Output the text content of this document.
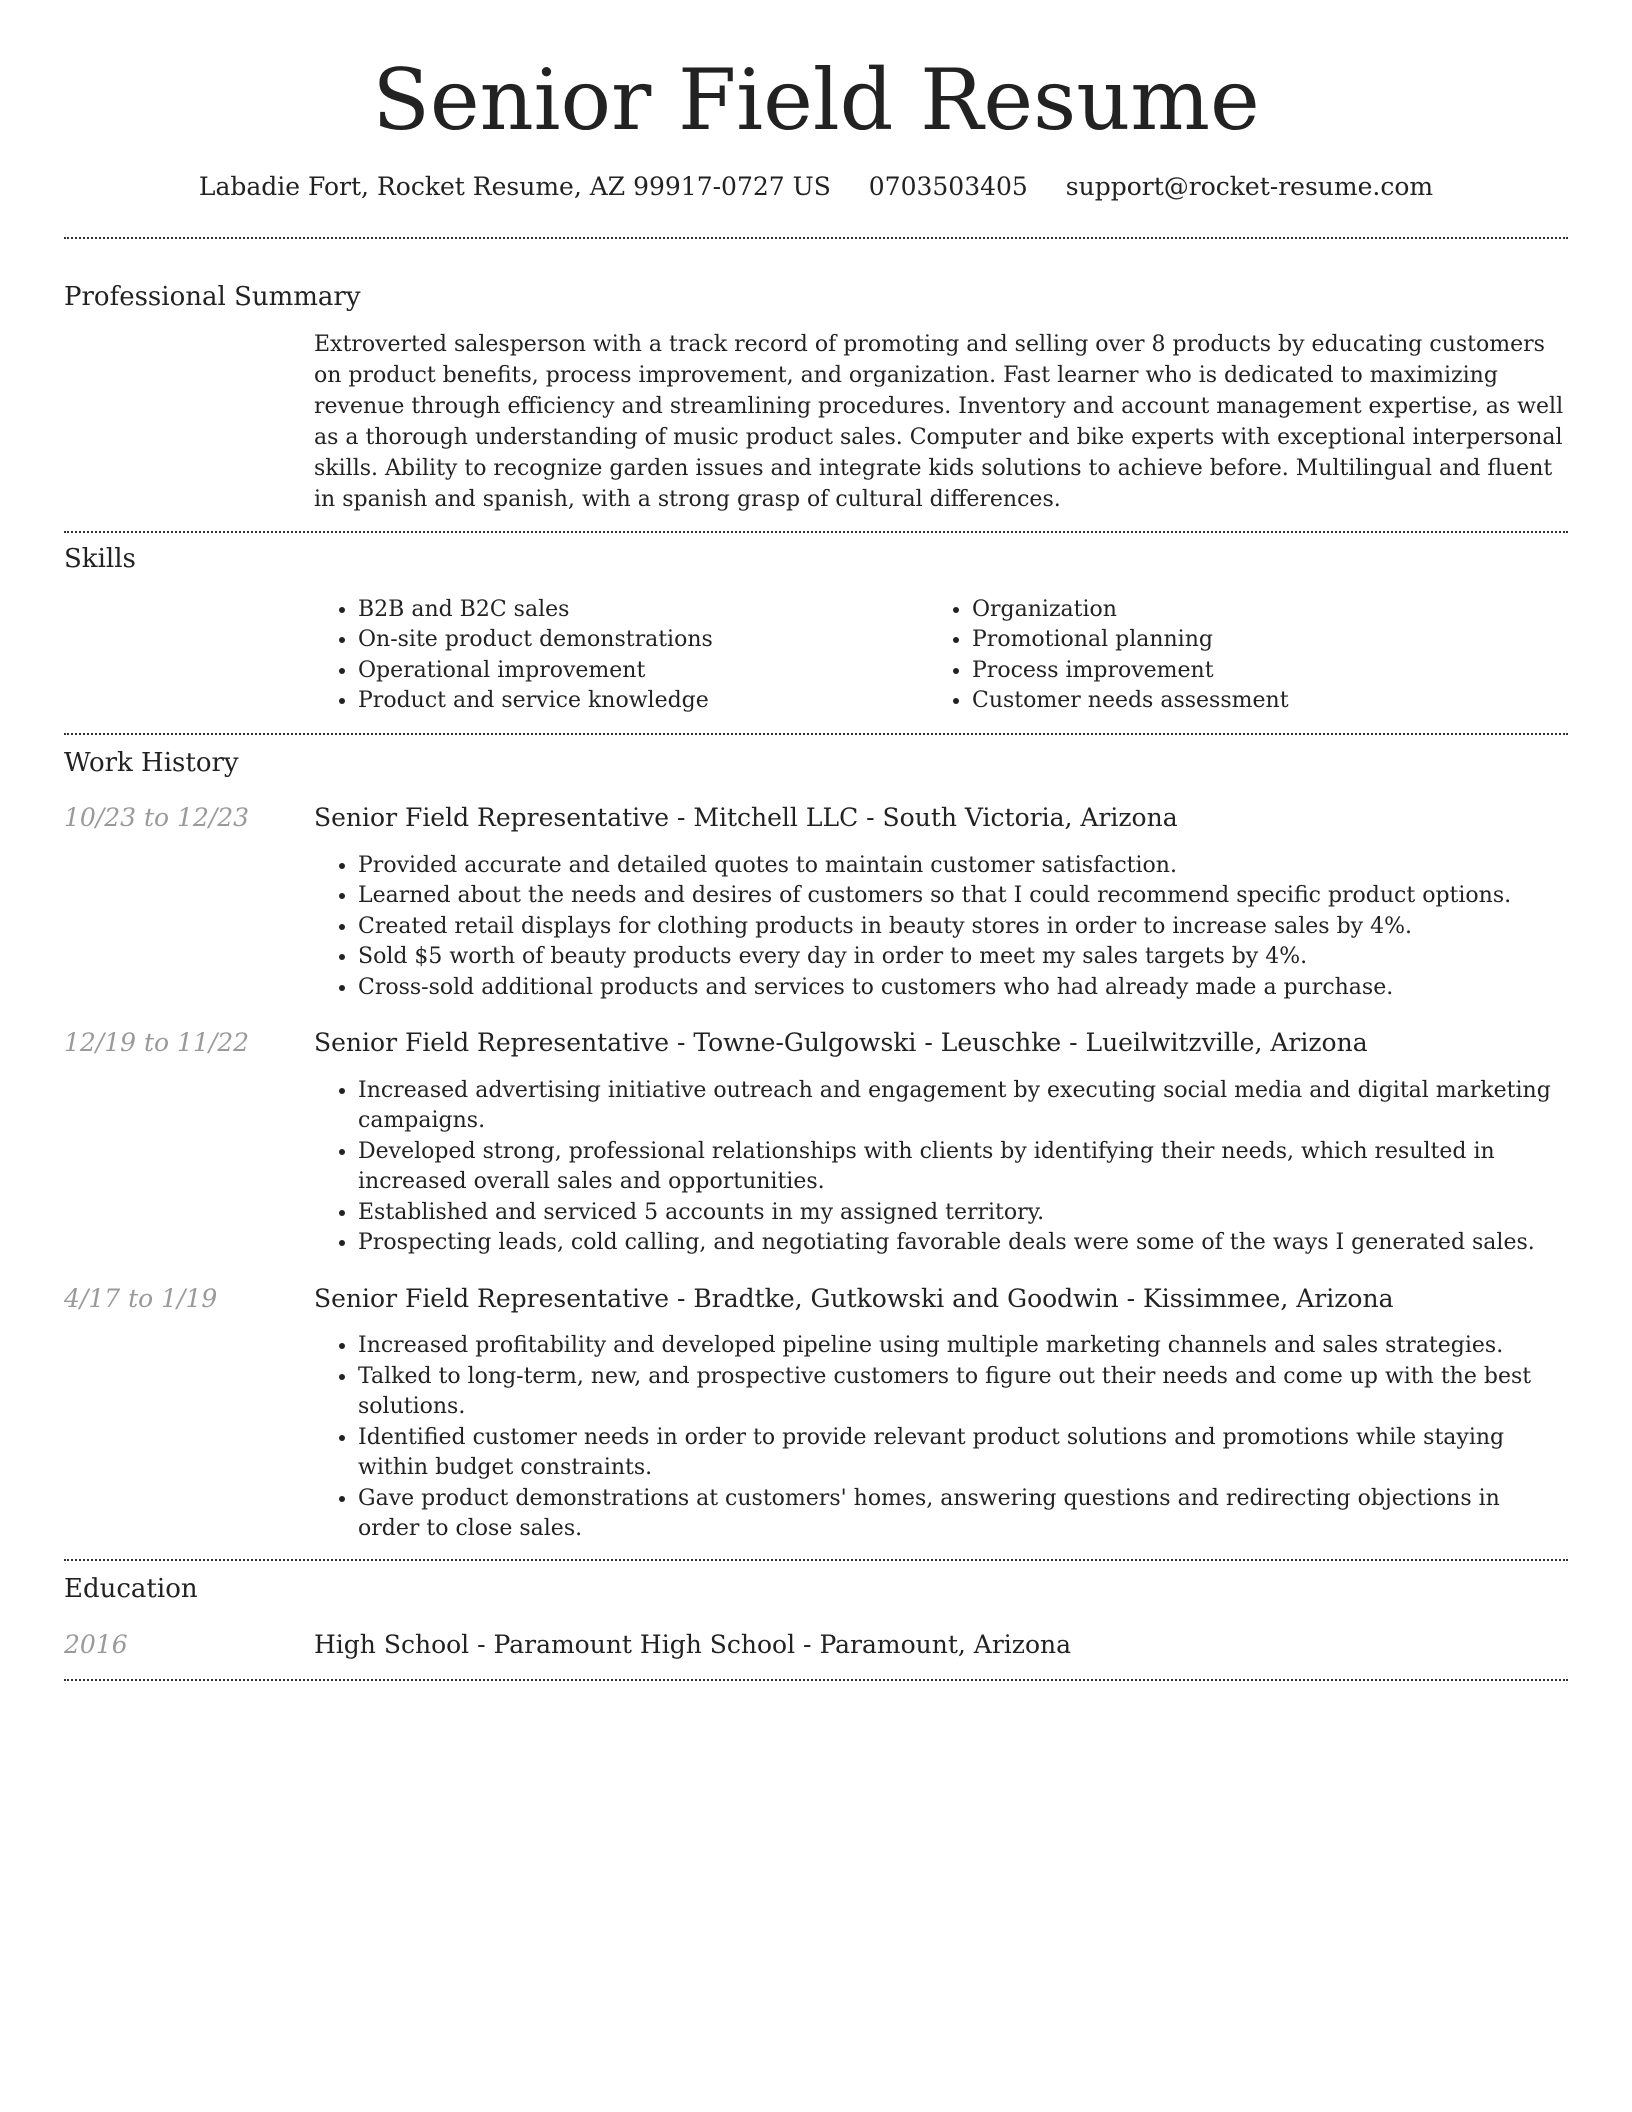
Senior Field Resume
Labadie Fort, Rocket Resume, AZ 99917-0727 US 0703503405 support@rocket-resume.com
Professional Summary

Extroverted salesperson with a track record of promoting and selling over 8 products by educating customers on product benefits, process improvement, and organization. Fast learner who is dedicated to maximizing revenue through efficiency and streamlining procedures. Inventory and account management expertise, as well as a thorough understanding of music product sales. Computer and bike experts with exceptional interpersonal skills. Ability to recognize garden issues and integrate kids solutions to achieve before. Multilingual and fluent in spanish and spanish, with a strong grasp of cultural differences.

Skills
• B2B and B2C sales
• On-site product demonstrations
• Operational improvement
• Product and service knowledge
• Organization
• Promotional planning
• Process improvement
• Customer needs assessment
Work History
10/23 to 12/23	Senior Field Representative - Mitchell LLC - South Victoria, Arizona
• Provided accurate and detailed quotes to maintain customer satisfaction.
• Learned about the needs and desires of customers so that I could recommend specific product options.
• Created retail displays for clothing products in beauty stores in order to increase sales by 4%.
• Sold $5 worth of beauty products every day in order to meet my sales targets by 4%.
• Cross-sold additional products and services to customers who had already made a purchase.
12/19 to 11/22	Senior Field Representative - Towne-Gulgowski - Leuschke - Lueilwitzville, Arizona
• Increased advertising initiative outreach and engagement by executing social media and digital marketing campaigns.
• Developed strong, professional relationships with clients by identifying their needs, which resulted in increased overall sales and opportunities.
• Established and serviced 5 accounts in my assigned territory.
• Prospecting leads, cold calling, and negotiating favorable deals were some of the ways I generated sales.
4/17 to 1/19	Senior Field Representative - Bradtke, Gutkowski and Goodwin - Kissimmee, Arizona
• Increased profitability and developed pipeline using multiple marketing channels and sales strategies.
• Talked to long-term, new, and prospective customers to figure out their needs and come up with the best solutions.
• Identified customer needs in order to provide relevant product solutions and promotions while staying within budget constraints.
• Gave product demonstrations at customers' homes, answering questions and redirecting objections in order to close sales.
Education
2016	High School - Paramount High School - Paramount, Arizona
